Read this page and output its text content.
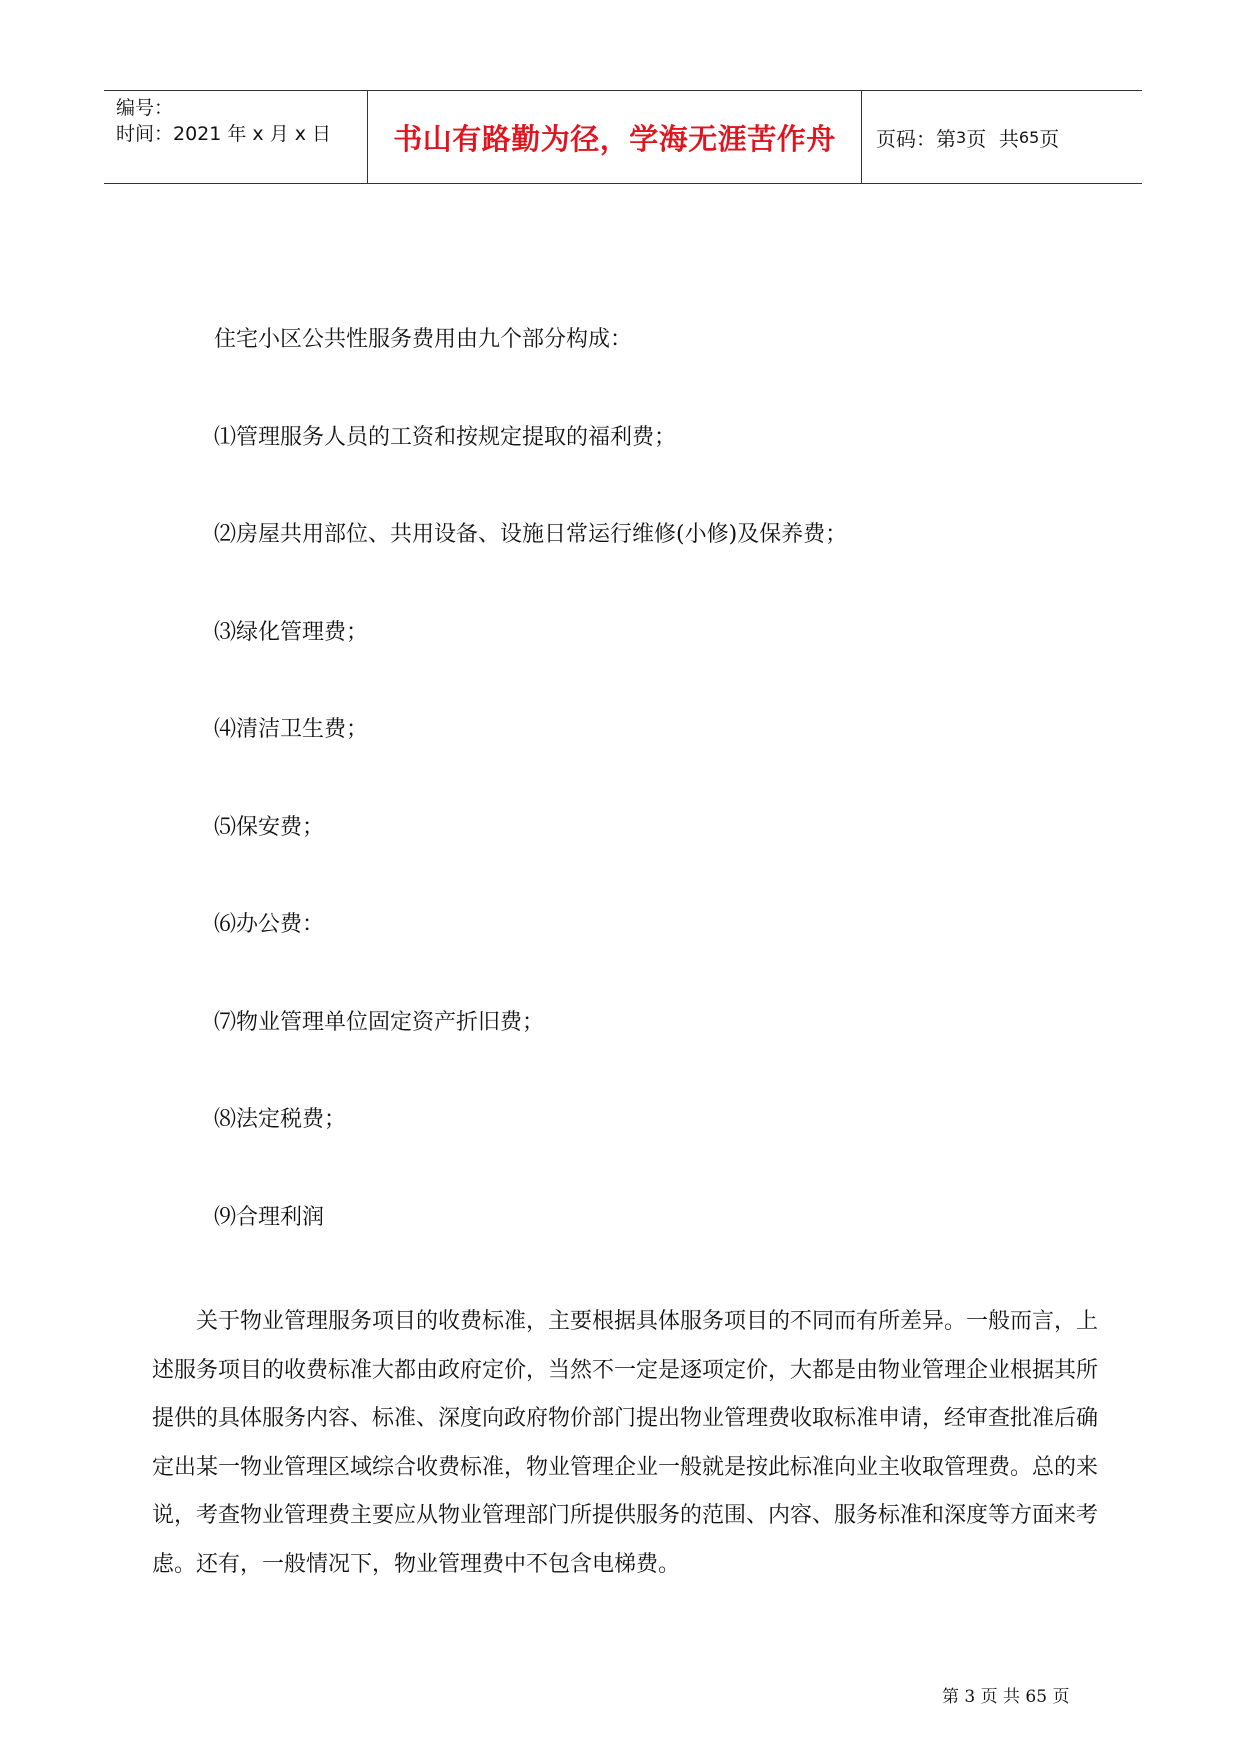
编号：
时间：2021 年 x 月 x 日	书山有路勤为径，学海无涯苦作舟 页码：第 3 页  共 65 页
住宅小区公共性服务费用由九个部分构成：
⑴管理服务人员的工资和按规定提取的福利费；
⑵房屋共用部位、共用设备、设施日常运行维修(小修)及保养费；
⑶绿化管理费；
⑷清洁卫生费；
⑸保安费；
⑹办公费：
⑺物业管理单位固定资产折旧费；
⑻法定税费；
⑼合理利润
关于物业管理服务项目的收费标准，主要根据具体服务项目的不同而有所差异。一般而言，上述服务项目的收费标准大都由政府定价，当然不一定是逐项定价，大都是由物业管理企业根据其所提供的具体服务内容、标准、深度向政府物价部门提出物业管理费收取标准申请，经审查批准后确定出某一物业管理区域综合收费标准，物业管理企业一般就是按此标准向业主收取管理费。总的来说，考查物业管理费主要应从物业管理部门所提供服务的范围、内容、服务标准和深度等方面来考虑。还有，一般情况下，物业管理费中不包含电梯费。
第 3 页 共 65 页
